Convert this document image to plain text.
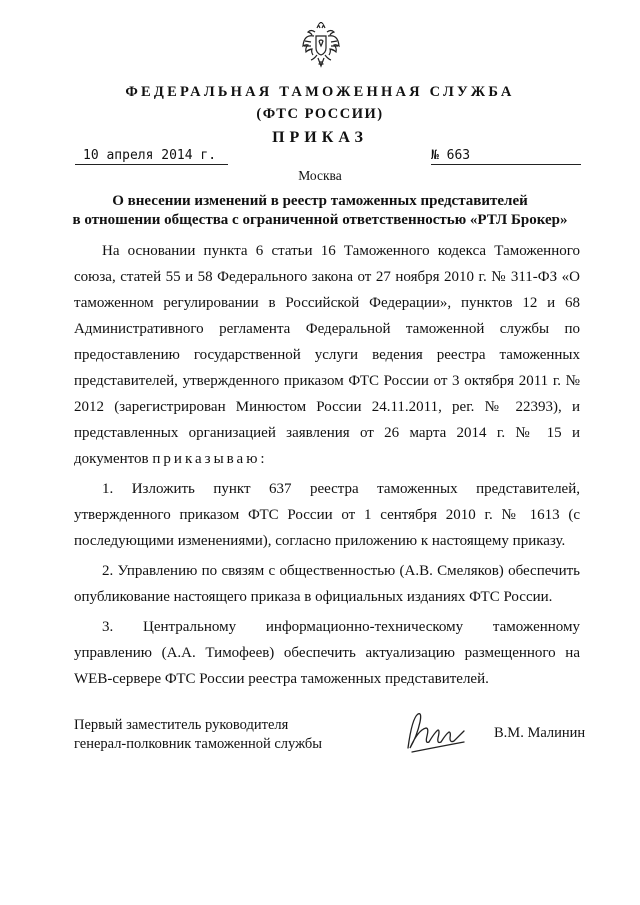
ФЕДЕРАЛЬНАЯ ТАМОЖЕННАЯ СЛУЖБА
(ФТС РОССИИ)
ПРИКАЗ
10 апреля 2014 г.	№ 663
Москва
О внесении изменений в реестр таможенных представителей
в отношении общества с ограниченной ответственностью «РТЛ Брокер»

На основании пункта 6 статьи 16 Таможенного кодекса Таможенного союза, статей 55 и 58 Федерального закона от 27 ноября 2010 г. № 311-ФЗ «О таможенном регулировании в Российской Федерации», пунктов 12 и 68 Административного регламента Федеральной таможенной службы по предоставлению государственной услуги ведения реестра таможенных представителей, утвержденного приказом ФТС России от 3 октября 2011 г. № 2012 (зарегистрирован Минюстом России 24.11.2011, рег. № 22393), и представленных организацией заявления от 26 марта 2014 г. № 15 и документов приказываю:

1. Изложить пункт 637 реестра таможенных представителей, утвержденного приказом ФТС России от 1 сентября 2010 г. № 1613 (с последующими изменениями), согласно приложению к настоящему приказу.

2. Управлению по связям с общественностью (А.В. Смеляков) обеспечить опубликование настоящего приказа в официальных изданиях ФТС России.

3. Центральному информационно-техническому таможенному управлению (А.А. Тимофеев) обеспечить актуализацию размещенного на WEB-сервере ФТС России реестра таможенных представителей.

Первый заместитель руководителя
генерал-полковник таможенной службы
В.М. Малинин
